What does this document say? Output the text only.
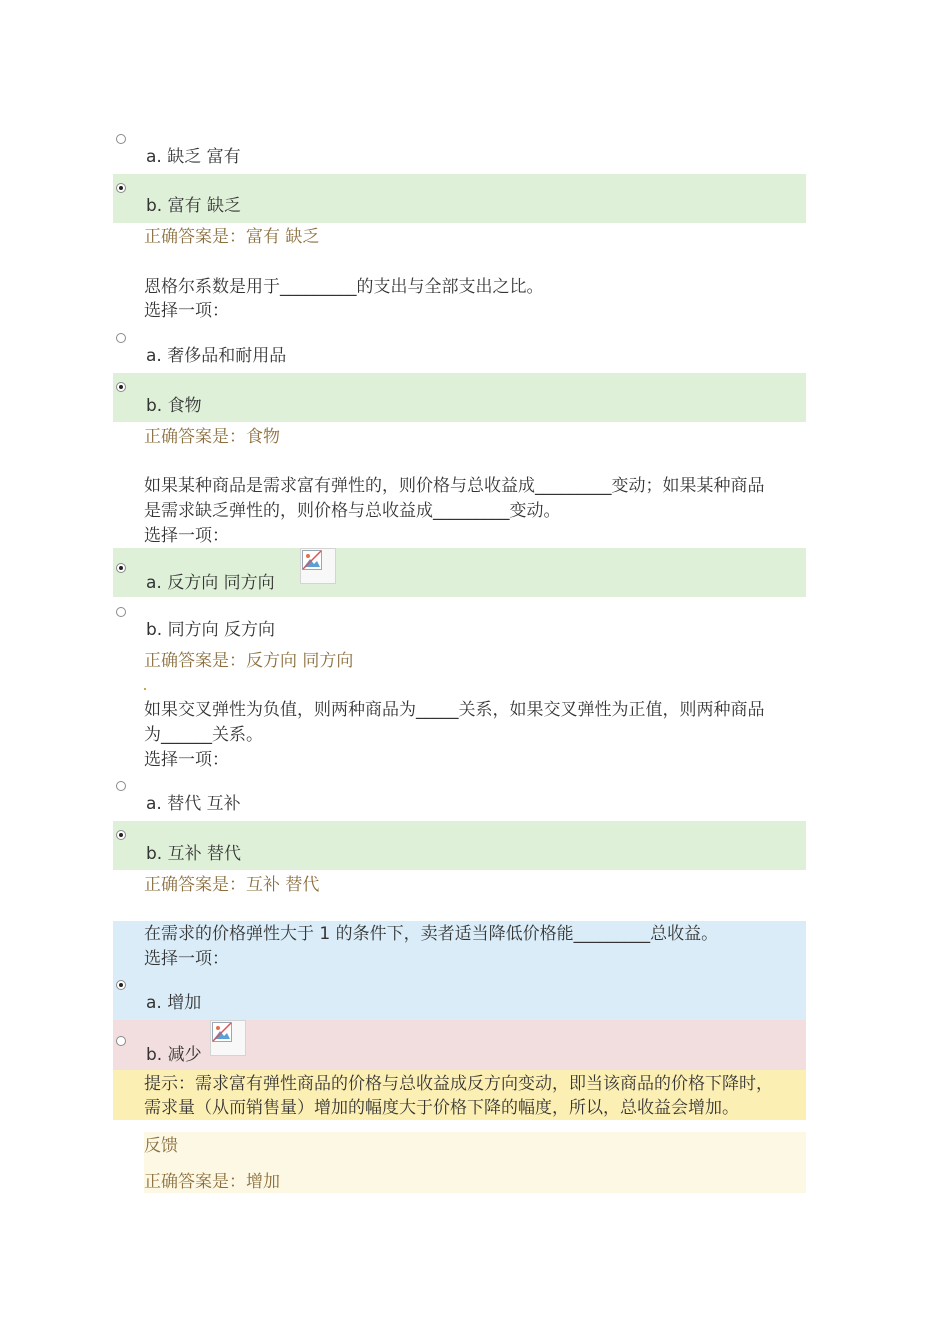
a. 缺乏 富有
b. 富有 缺乏
正确答案是：富有 缺乏
恩格尔系数是用于_________的支出与全部支出之比。
选择一项：
a. 奢侈品和耐用品
b. 食物
正确答案是：食物
如果某种商品是需求富有弹性的，则价格与总收益成_________变动；如果某种商品
是需求缺乏弹性的，则价格与总收益成_________变动。
选择一项：
a. 反方向 同方向
b. 同方向 反方向
正确答案是：反方向 同方向
如果交叉弹性为负值，则两种商品为_____关系，如果交叉弹性为正值，则两种商品
为______关系。
选择一项：
a. 替代 互补
b. 互补 替代
正确答案是：互补 替代
在需求的价格弹性大于 1 的条件下，卖者适当降低价格能_________总收益。
选择一项：
a. 增加
b. 减少
提示：需求富有弹性商品的价格与总收益成反方向变动，即当该商品的价格下降时，
需求量（从而销售量）增加的幅度大于价格下降的幅度，所以，总收益会增加。
反馈
正确答案是：增加
